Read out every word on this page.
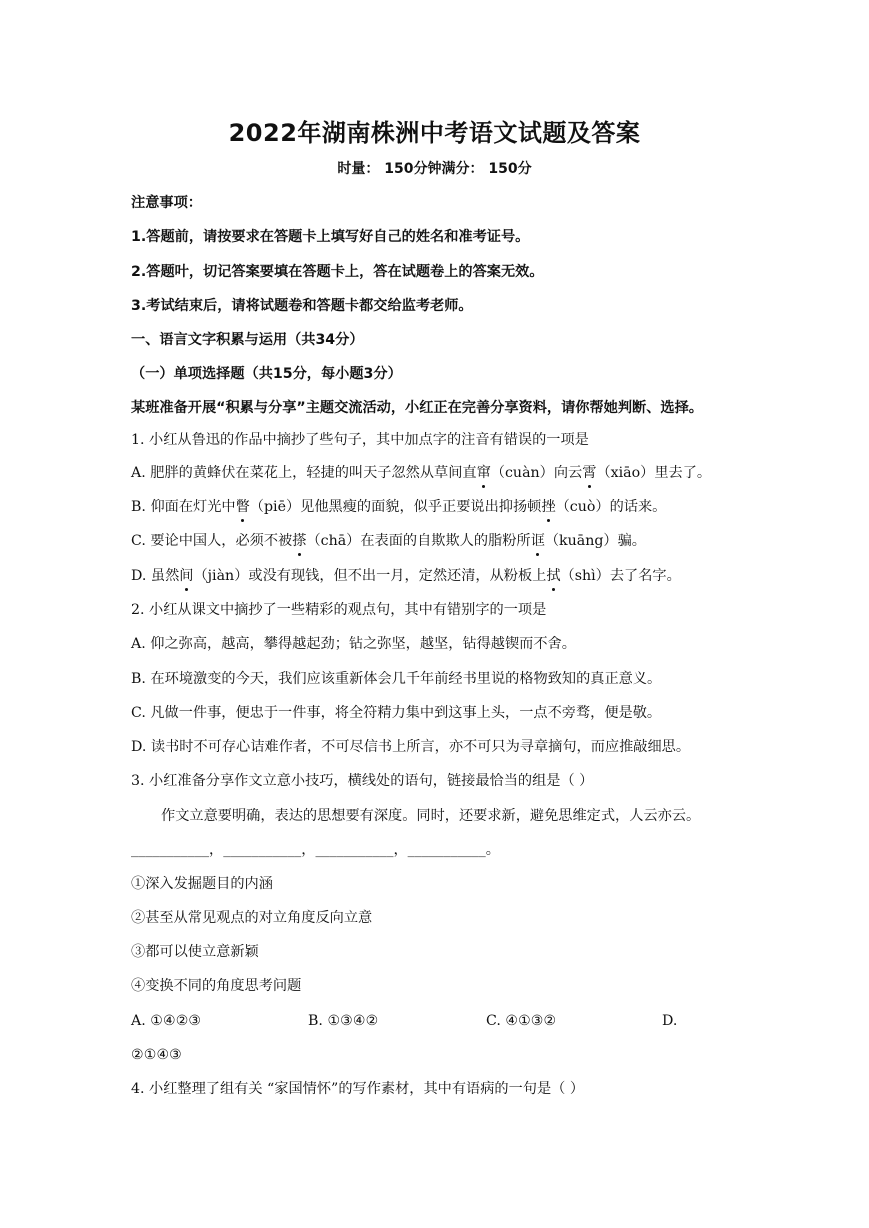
2022年湖南株洲中考语文试题及答案
时量： 150分钟满分： 150分
注意事项：
1.答题前，请按要求在答题卡上填写好自己的姓名和准考证号。
2.答题叶，切记答案要填在答题卡上，答在试题卷上的答案无效。
3.考试结束后，请将试题卷和答题卡都交给监考老师。
一、语言文字积累与运用（共34分）
（一）单项选择题（共15分，每小题3分）
某班准备开展“积累与分享”主题交流活动，小红正在完善分享资料，请你帮她判断、选择。
1. 小红从鲁迅的作品中摘抄了些句子，其中加点字的注音有错误的一项是
A. 肥胖的黄蜂伏在菜花上，轻捷的叫天子忽然从草间直窜（cuàn）向云霄（xiāo）里去了。
B. 仰面在灯光中瞥（piē）见他黑瘦的面貌，似乎正要说出抑扬顿挫（cuò）的话来。
C. 要论中国人，必须不被搽（chā）在表面的自欺欺人的脂粉所诓（kuāng）骗。
D. 虽然间（jiàn）或没有现钱，但不出一月，定然还清，从粉板上拭（shì）去了名字。
2. 小红从课文中摘抄了一些精彩的观点句，其中有错别字的一项是
A. 仰之弥高，越高，攀得越起劲；钻之弥坚，越坚，钻得越锲而不舍。
B. 在环境激变的今天，我们应该重新体会几千年前经书里说的格物致知的真正意义。
C. 凡做一件事，便忠于一件事，将全符精力集中到这事上头，一点不旁骛，便是敬。
D. 读书时不可存心诘难作者，不可尽信书上所言，亦不可只为寻章摘句，而应推敲细思。
3. 小红准备分享作文立意小技巧，横线处的语句，链接最恰当的组是（ ）
作文立意要明确，表达的思想要有深度。同时，还要求新，避免思维定式，人云亦云。
___________，___________，___________，___________。
①深入发掘题目的内涵
②甚至从常见观点的对立角度反向立意
③都可以使立意新颖
④变换不同的角度思考问题
A. ①④②③	B. ①③④②	C. ④①③②	D.
②①④③
4. 小红整理了组有关 “家国情怀”的写作素材，其中有语病的一句是（ ）
